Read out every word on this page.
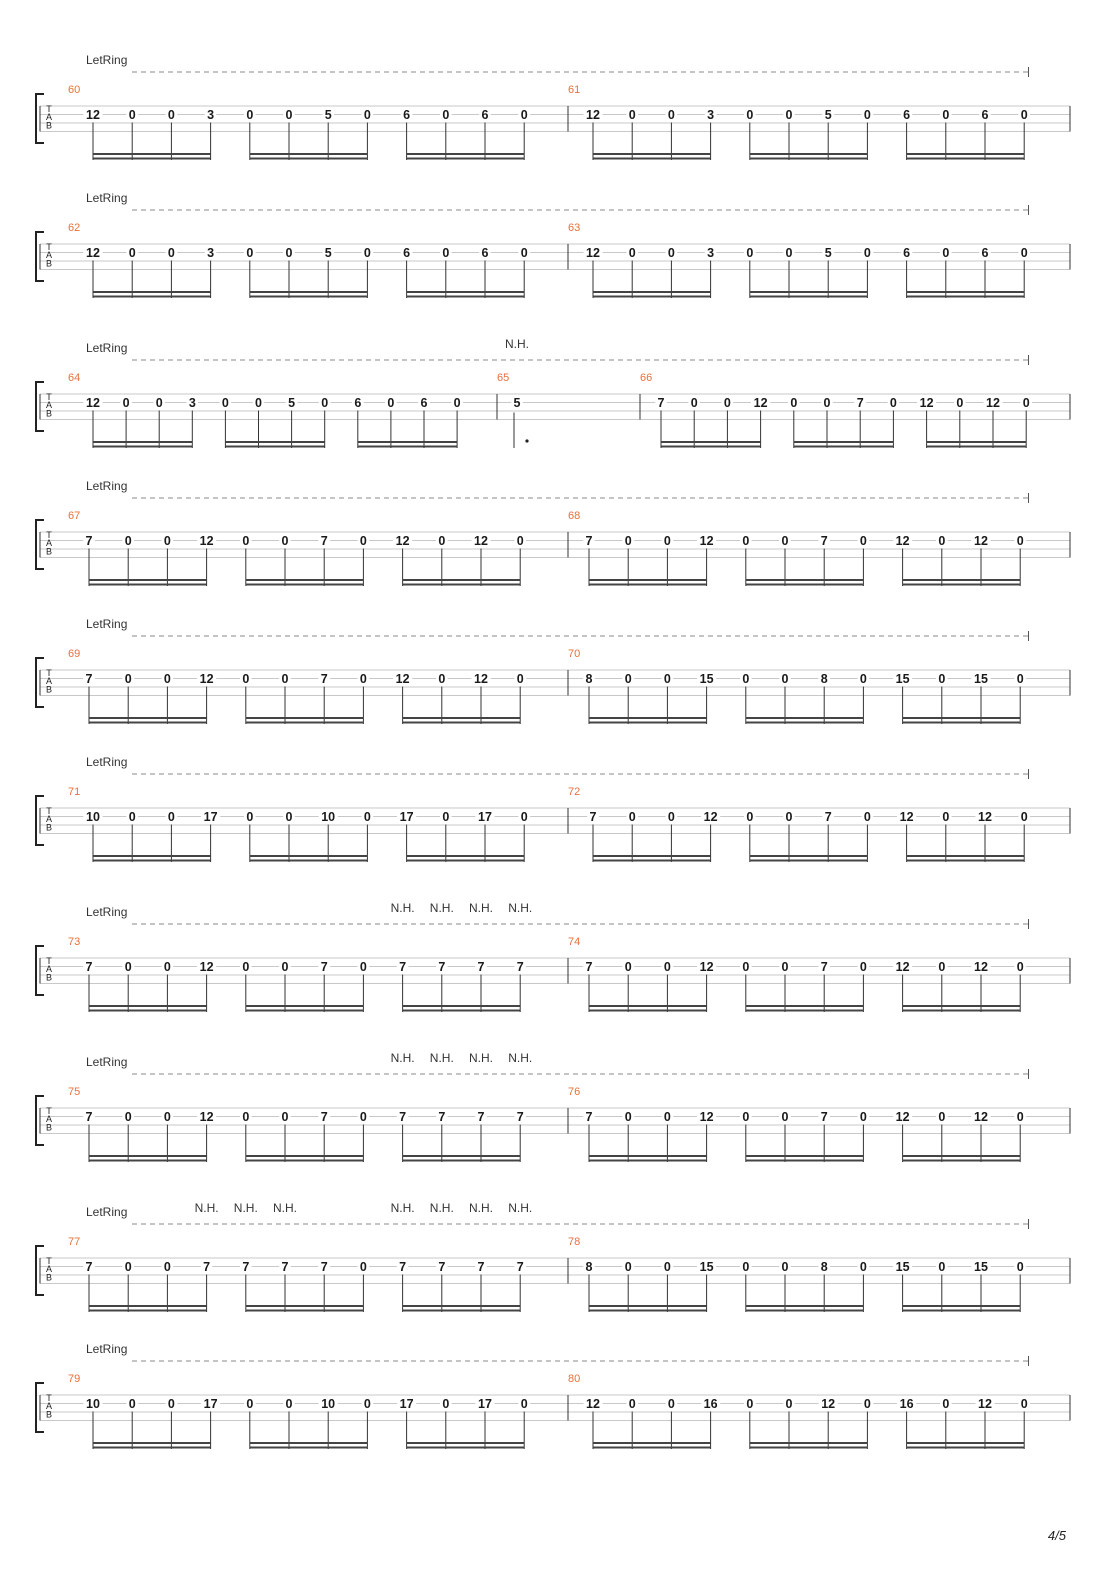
LetRing
T
A
B
60
12 0	0	3	0	0	5	0	6	0	6	0
61
12 0	0	3	0	0	5	0	6	0	6	0
LetRing
T
A
B
62
12 0	0	3	0	0	5	0	6	0	6	0
63
12 0	0	3	0	0	5	0	6	0	6	0
LetRing
T
A
B
64
12 0 0 3 0 0 5 0 6 0 6 0
65
5
N.H.
66
7 0 0 12 0 0 7 0 12 0 12 0
LetRing
T
A
B
67
7	0	0 12 0	0	7	0 12 0 12 0
68
7	0	0 12 0	0	7	0 12 0 12 0
LetRing
T
A
B
69
7	0	0 12 0	0	7	0 12 0 12 0
70
8	0	0 15 0	0	8	0 15 0 15 0
LetRing
T
A
B
71
10 0	0 17 0	0 10 0 17 0 17 0
72
7	0	0 12 0	0	7	0 12 0 12 0
LetRing
T
A
B
73
7	0	0 12 0	0	7	0	7	7	7	7
N.H. N.H. N.H. N.H.
74
7	0	0 12 0	0	7	0 12 0 12 0
LetRing
T
A
B
75
7	0	0 12 0	0	7	0	7	7	7	7
N.H. N.H. N.H. N.H.
76
7	0	0 12 0	0	7	0 12 0 12 0
LetRing
T
A
B
77
7	0	0	7	7	7	7	0	7	7	7	7
N.H. N.H. N.H.	N.H. N.H. N.H. N.H.
78
8	0	0 15 0	0	8	0 15 0 15 0
LetRing
T
A
B
79
10 0	0 17 0	0 10 0 17 0 17 0
80
12 0	0 16 0	0 12 0 16 0 12 0
4/5
